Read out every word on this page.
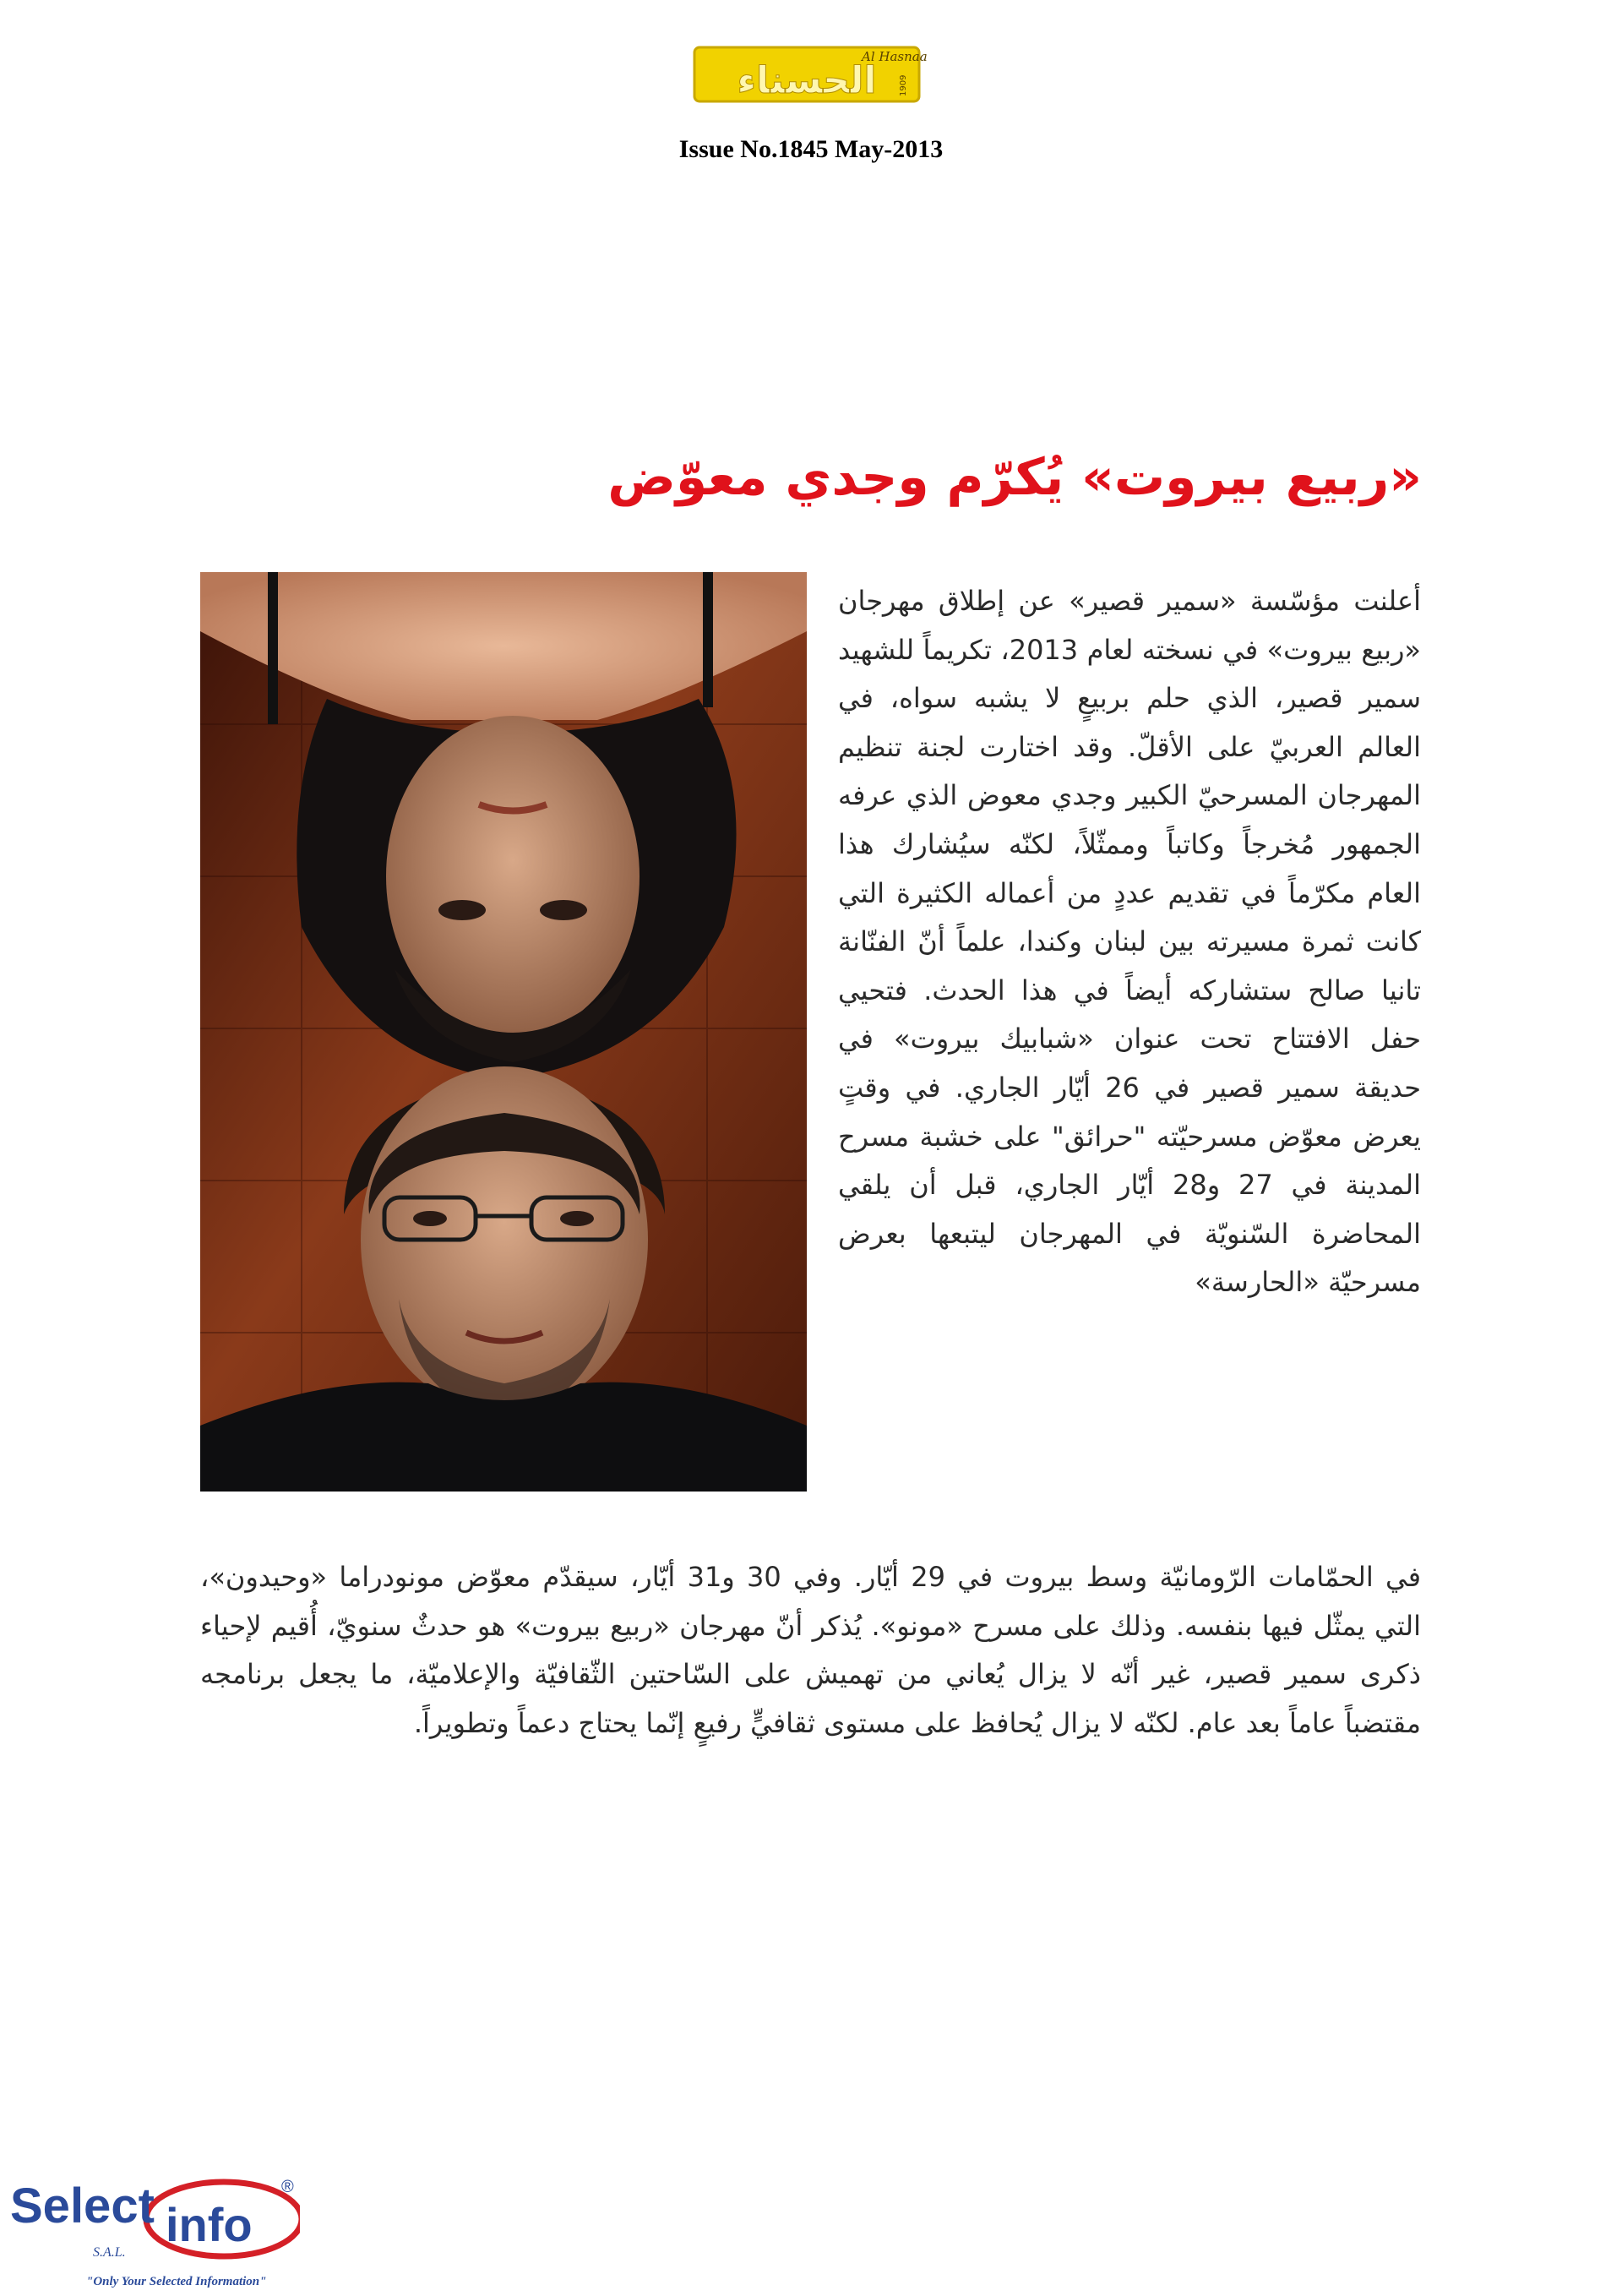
الحسناء
Al Hasnaa
1909
Issue No.1845 May-2013
«ربيع بيروت» يُكرّم وجدي معوّض
أعلنت مؤسّسة «سمير قصير» عن إطلاق مهرجان «ربيع بيروت» في نسخته لعام 2013، تكريماً للشهيد سمير قصير، الذي حلم بربيعٍ لا يشبه سواه، في العالم العربيّ على الأقلّ. وقد اختارت لجنة تنظيم المهرجان المسرحيّ الكبير وجدي معوض الذي عرفه الجمهور مُخرجاً وكاتباً وممثّلاً، لكنّه سيُشارك هذا العام مكرّماً في تقديم عددٍ من أعماله الكثيرة التي كانت ثمرة مسيرته بين لبنان وكندا، علماً أنّ الفنّانة تانيا صالح ستشاركه أيضاً في هذا الحدث. فتحيي حفل الافتتاح تحت عنوان «شبابيك بيروت» في حديقة سمير قصير في 26 أيّار الجاري. في وقتٍ يعرض معوّض مسرحيّته "حرائق" على خشبة مسرح المدينة في 27 و28 أيّار الجاري، قبل أن يلقي المحاضرة السّنويّة في المهرجان ليتبعها بعرض مسرحيّة «الحارسة»
في الحمّامات الرّومانيّة وسط بيروت في 29 أيّار. وفي 30 و31 أيّار، سيقدّم معوّض مونودراما «وحيدون»، التي يمثّل فيها بنفسه. وذلك على مسرح «مونو». يُذكر أنّ مهرجان «ربيع بيروت» هو حدثٌ سنويّ، أُقيم لإحياء ذكرى سمير قصير، غير أنّه لا يزال يُعاني من تهميش على السّاحتين الثّقافيّة والإعلاميّة، ما يجعل برنامجه مقتضباً عاماً بعد عام. لكنّه لا يزال يُحافظ على مستوى ثقافيٍّ رفيعٍ إنّما يحتاج دعماً وتطويراً.
Select info
®
S.A.L.
"Only Your Selected Information"
